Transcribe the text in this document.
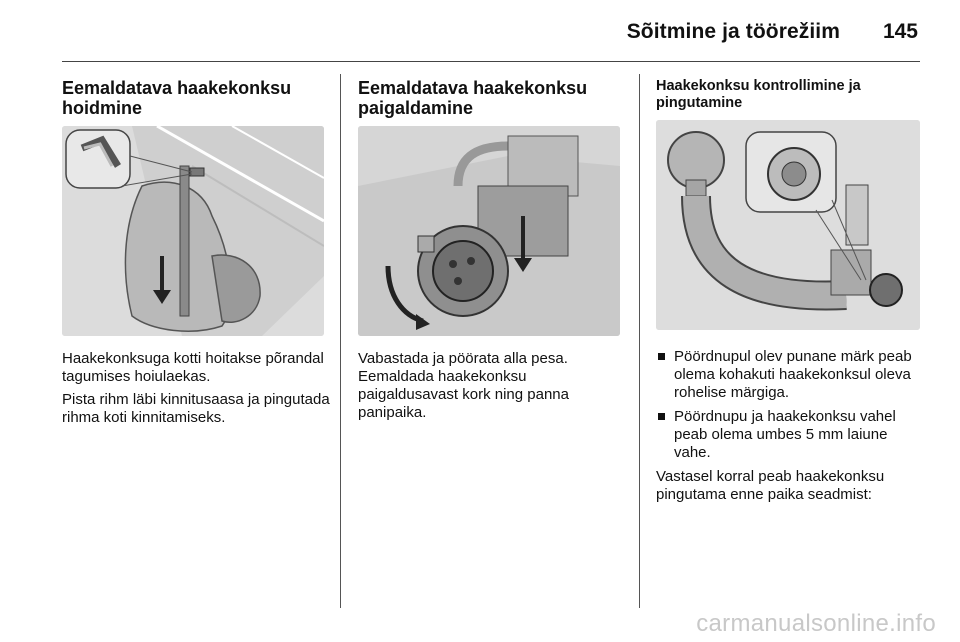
Sõitmine ja töörežiim 145
Eemaldatava haakekonksu hoidmine

Haakekonksuga kotti hoitakse põrandal tagumises hoiulaekas.

Pista rihm läbi kinnitusaasa ja pingutada rihma koti kinnitamiseks.

Eemaldatava haakekonksu paigaldamine

Vabastada ja pöörata alla pesa. Eemaldada haakekonksu paigaldusavast kork ning panna panipaika.

Haakekonksu kontrollimine ja pingutamine
Pöördnupul olev punane märk peab olema kohakuti haakekonksul oleva rohelise märgiga.
Pöördnupu ja haakekonksu vahel peab olema umbes 5 mm laiune vahe.

Vastasel korral peab haakekonksu pingutama enne paika seadmist:

carmanualsonline.info
